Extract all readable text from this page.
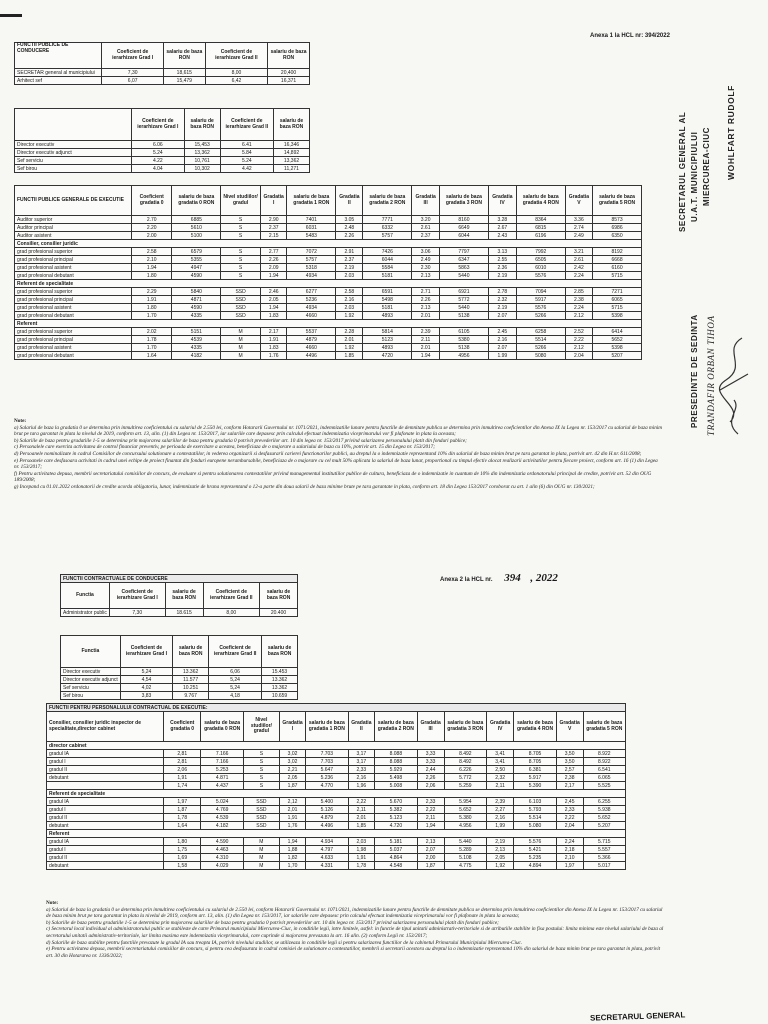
Anexa 1 la HCL nr: 394/2022
FUNCTII PUBLICE DE CONDUCERE	Coeficient de ierarhizare Grad I	salariu de baza RON	Coeficient de ierarhizare Grad II	salariu de baza RON
SECRETAR general al municipiului	7,30	18,615	8,00	20,400
Arhitect sef	6,07	15,479	6,42	16,371
	Coeficient de ierarhizare Grad I	salariu de baza RON	Coeficient de ierarhizare Grad II	salariu de baza RON
Director executiv	6.06	15,453	6.41	16,346
Director executiv adjunct	5.24	13,362	5.84	14,892
Sef serviciu	4.22	10,761	5.24	13,362
Sef birou	4.04	10,302	4.42	11,271
FUNCTII PUBLICE GENERALE DE EXECUTIE	Coeficient gradatia 0	salariu de baza gradatia 0 RON	Nivel studiilor/ gradul	Gradatia I	salariu de baza gradatia 1 RON	Gradatia II	salariu de baza gradatia 2 RON	Gradatia III	salariu de baza gradatia 3 RON	Gradatia IV	salariu de baza gradatia 4 RON	Gradatia V	salariu de baza gradatia 5 RON
Auditor superior	2.70	6885	S	2.90	7401	3.05	7771	3.20	8160	3.28	8364	3.36	8573
Auditor principal	2.20	5610	S	2.37	6031	2.48	6332	2.61	6649	2.67	6815	2.74	6986
Auditor asistent	2.00	5100	S	2.15	5483	2.26	5757	2.37	6044	2.43	6196	2.49	6350
Consilier, consilier juridic													
grad profesional superior	2.58	6579	S	2.77	7072	2.91	7426	3.06	7797	3.13	7992	3.21	8192
grad profesional principal	2.10	5355	S	2.26	5757	2.37	6044	2.49	6347	2.55	6505	2.61	6668
grad profesional asistent	1.94	4947	S	2.09	5318	2.19	5584	2.30	5863	2.36	6010	2.42	6160
grad profesional debutant	1.80	4590	S	1.94	4934	2.03	5181	2.13	5440	2.19	5576	2.24	5715
Referent de specialitate													
grad profesional superior	2.29	5840	SSD	2.46	6277	2.58	6591	2.71	6921	2.78	7094	2.85	7271
grad profesional principal	1.91	4871	SSD	2.05	5236	2.16	5498	2.26	5772	2.32	5917	2.38	6065
grad profesional asistent	1.80	4590	SSD	1.94	4934	2.03	5181	2.13	5440	2.19	5576	2.24	5715
grad profesional debutant	1.70	4335	SSD	1.83	4660	1.92	4893	2.01	5138	2.07	5266	2.12	5398
Referent													
grad profesional superior	2.02	5151	M	2.17	5537	2.28	5814	2.39	6105	2.45	6258	2.52	6414
grad profesional principal	1.78	4539	M	1.91	4879	2.01	5123	2.11	5380	2.16	5514	2.22	5652
grad profesional asistent	1.70	4335	M	1.83	4660	1.92	4893	2.01	5138	2.07	5266	2.12	5398
grad profesional debutant	1.64	4182	M	1.76	4496	1.85	4720	1.94	4956	1.99	5080	2.04	5207
Note:
a) Salariul de baza la gradatia 0 se determina prin inmultirea coeficientului cu salariul de 2.550 lei, conform Hotararii Guvernului nr. 1071/2021, indemnizatiile lunare pentru functiile de demnitate publica se determina prin inmultirea coeficientilor din Anexa IX la Legea nr. 153/2017 cu salariul de baza minim brut pe tara garantat in plata la nivelul de 2019, conform art. 13, alin. (1) din Legea nr. 153/2017, iar salariile care depasesc prin calculul efectuat indemnizatia viceprimarului vor fi plafonate in plata la aceasta;
b) Salariile de baza pentru gradatiile 1-5 se determina prin majorarea salariilor de baza pentru gradatia 0 potrivit prevederilor art. 10 din legea nr. 153/2017 privind salarizarea personalului platit din fonduri publice;
c) Personalele care exercita activitatea de control financiar preventiv, pe perioada de exercitare a acestea, beneficiaza de o majorare a salariului de baza cu 10%, potrivit art. 15 din Legea nr. 153/2017;
d) Persoanele nominalizate in cadrul Comisiilor de concursului solutionare a contestatiilor, in vederea organizarii si desfasurarii carierei functionarilor publici, au dreptul la o indemnizatie reprezentand 10% din salariul de baza minim brut pe tara garantat in plata, potrivit art. 42 din H.nr. 611/2008;
e) Persoanele care desfasoara activitati in cadrul unei echipe de proiect finantat din fonduri europene nerambursabile, beneficiaza de o majorare cu cel mult 50% aplicata la salariul de baza lunar, proportional cu timpul efectiv alocat realizarii activitatilor pentru fiecare proiect, conform art. 16 (1) din Legea nr. 153/2017;
f) Pentru activitatea depusa, membrii secretariatului comisiilor de concurs, de evaluare si pentru solutionarea contestatiilor privind managementul institutiilor publice de cultura, beneficiaza de o indemnizatie in cuantum de 10% din indemnizatia ordonatorului principal de credite, potrivit art. 52 din OUG 189/2008;
g) Incepand cu 01.01.2022 ordonatorii de credite acorda obligatoriu, lunar, indemnizatie de hrana reprezentand o 12-a parte din doua salarii de baza minime brute pe tara garantate in plata, conform art. 18 din Legea 153/2017 coroborat cu art. 1 alin (6) din OUG nr. 130/2021;
Anexa 2 la HCL nr. 394 , 2022
FUNCTII CONTRACTUALE DE CONDUCERE				
Functia	Coeficient de ierarhizare Grad I	salariu de baza RON	Coeficient de ierarhizare Grad II	salariu de baza RON
Administrator public	7,30	18.615	8,00	20.400
Functia	Coeficient de ierarhizare Grad I	salariu de baza RON	Coeficient de ierarhizare Grad II	salariu de baza RON
Director executiv	5,24	13.362	6,06	15.453
Director executiv adjunct	4,54	11.577	5,24	13.362
Sef serviciu	4,02	10.251	5,24	13.362
Sef birou	3,83	9.767	4,18	10.659
FUNCTII PENTRU PERSONALULUI CONTRACTUAL DE EXECUTIE:													
Consilier, consilier juridic inspector de specialitate,director cabinet	Coeficient gradatia 0	salariu de baza gradatia 0 RON	Nivel studiilor/ gradul	Gradatia I	salariu de baza gradatia 1 RON	Gradatia II	salariu de baza gradatia 2 RON	Gradatia III	salariu de baza gradatia 3 RON	Gradatia IV	salariu de baza gradatia 4 RON	Gradatia V	salariu de baza gradatia 5 RON
director cabinet													
gradul IA	2,81	7.166	S	3,02	7.703	3,17	8.088	3,33	8.492	3,41	8.705	3,50	8.922
gradul I	2,81	7.166	S	3,02	7.703	3,17	8.088	3,33	8.492	3,41	8.705	3,50	8.922
gradul II	2,06	5.253	S	2,21	5.647	2,33	5.929	2,44	6.226	2,50	6.381	2,57	6.541
debutant	1,91	4.871	S	2,05	5.236	2,16	5.498	2,26	5.772	2,32	5.917	2,38	6.065
	1,74	4.437	S	1,87	4.770	1,96	5.008	2,06	5.259	2,11	5.390	2,17	5.525
Referent de specialitate													
gradul IA	1,97	5.024	SSD	2,12	5.400	2,22	5.670	2,33	5.954	2,39	6.103	2,45	6.255
gradul I	1,87	4.769	SSD	2,01	5.126	2,11	5.382	2,22	5.652	2,27	5.793	2,33	5.938
gradul II	1,78	4.539	SSD	1,91	4.879	2,01	5.123	2,11	5.380	2,16	5.514	2,22	5.652
debutant	1,64	4.182	SSD	1,76	4.496	1,85	4.720	1,94	4.956	1,99	5.080	2,04	5.207
Referent													
gradul IA	1,80	4.590	M	1,94	4.934	2,03	5.181	2,13	5.440	2,19	5.576	2,24	5.715
gradul I	1,75	4.463	M	1,88	4.797	1,98	5.037	2,07	5.289	2,13	5.421	2,18	5.557
gradul II	1,69	4.310	M	1,82	4.633	1,91	4.864	2,00	5.108	2,05	5.235	2,10	5.366
debutant	1,58	4.029	M	1,70	4.331	1,78	4.548	1,87	4.775	1,92	4.894	1,97	5.017
Note:
a) Salariul de baza la gradatia 0 se determina prin inmultirea coeficientului cu salariul de 2.550 lei, conform Hotararii Guvernului nr. 1071/2021, indemnizatiile lunare pentru functiile de demnitate publica se determina prin inmultirea coeficientilor din Anexa IX la Legea nr. 153/2017 cu salariul de baza minim brut pe tara garantat in plata la nivelul de 2019, conform art. 13, alin. (1) din Legea nr. 153/2017, iar salariile care depasesc prin calculul efectuat indemnizatia viceprimarului vor fi plafonate in plata la aceasta;
b) Salariile de baza pentru gradatiile 1-5 se determina prin majorarea salariilor de baza pentru gradatia 0 potrivit prevederilor art. 10 din legea nr. 153/2017 privind salarizarea personalului platit din fonduri publice;
c) Secretarul local individual al administratorului public se stabileste de catre Primarul municipiului Miercurea-Ciuc, in conditiile legii, intre limitele, astfel: in functie de tipul unitatii administrativ-teritoriale si de atributiile stabilite in fisa postului: limita minima este nivelul salariului de baza al secretarului unitatii administrativ-teritoriale, iar limita maxima este indemnizatia viceprimarului, care cuprinde si majorarea prevazuta la art. 16 alin. (2) conform Legii nr. 153/2017;
d) Salariile de baza stabilite pentru functiile prevazute la gradul IA sau treapta IA, potrivit nivelului studiilor, se utilizeaza in conditiile legii si pentru salarizarea functiilor de la cabinetul Primarului Municipiului Miercurea-Ciuc.
e) Pentru activitatea depusa, membrii secretariatului comisiilor de concurs, si pentru cea desfasurata in cadrul comisiei de solutionare a contestatiilor, membrii si secretarii acestora au dreptul la o indemnizatie reprezentand 10% din salariul de baza minim brut pe tara garantat in plata, potrivit art. 30 din Hotararea nr. 1336/2022;
SECRETARUL GENERAL AL U.A.T. MUNICIPIULUI MIERCUREA-CIUC WOHLFART RUDOLF
PRESEDINTE DE SEDINTA TRANDAFIR ORBAN TIHOA
SECRETARUL GENERAL
